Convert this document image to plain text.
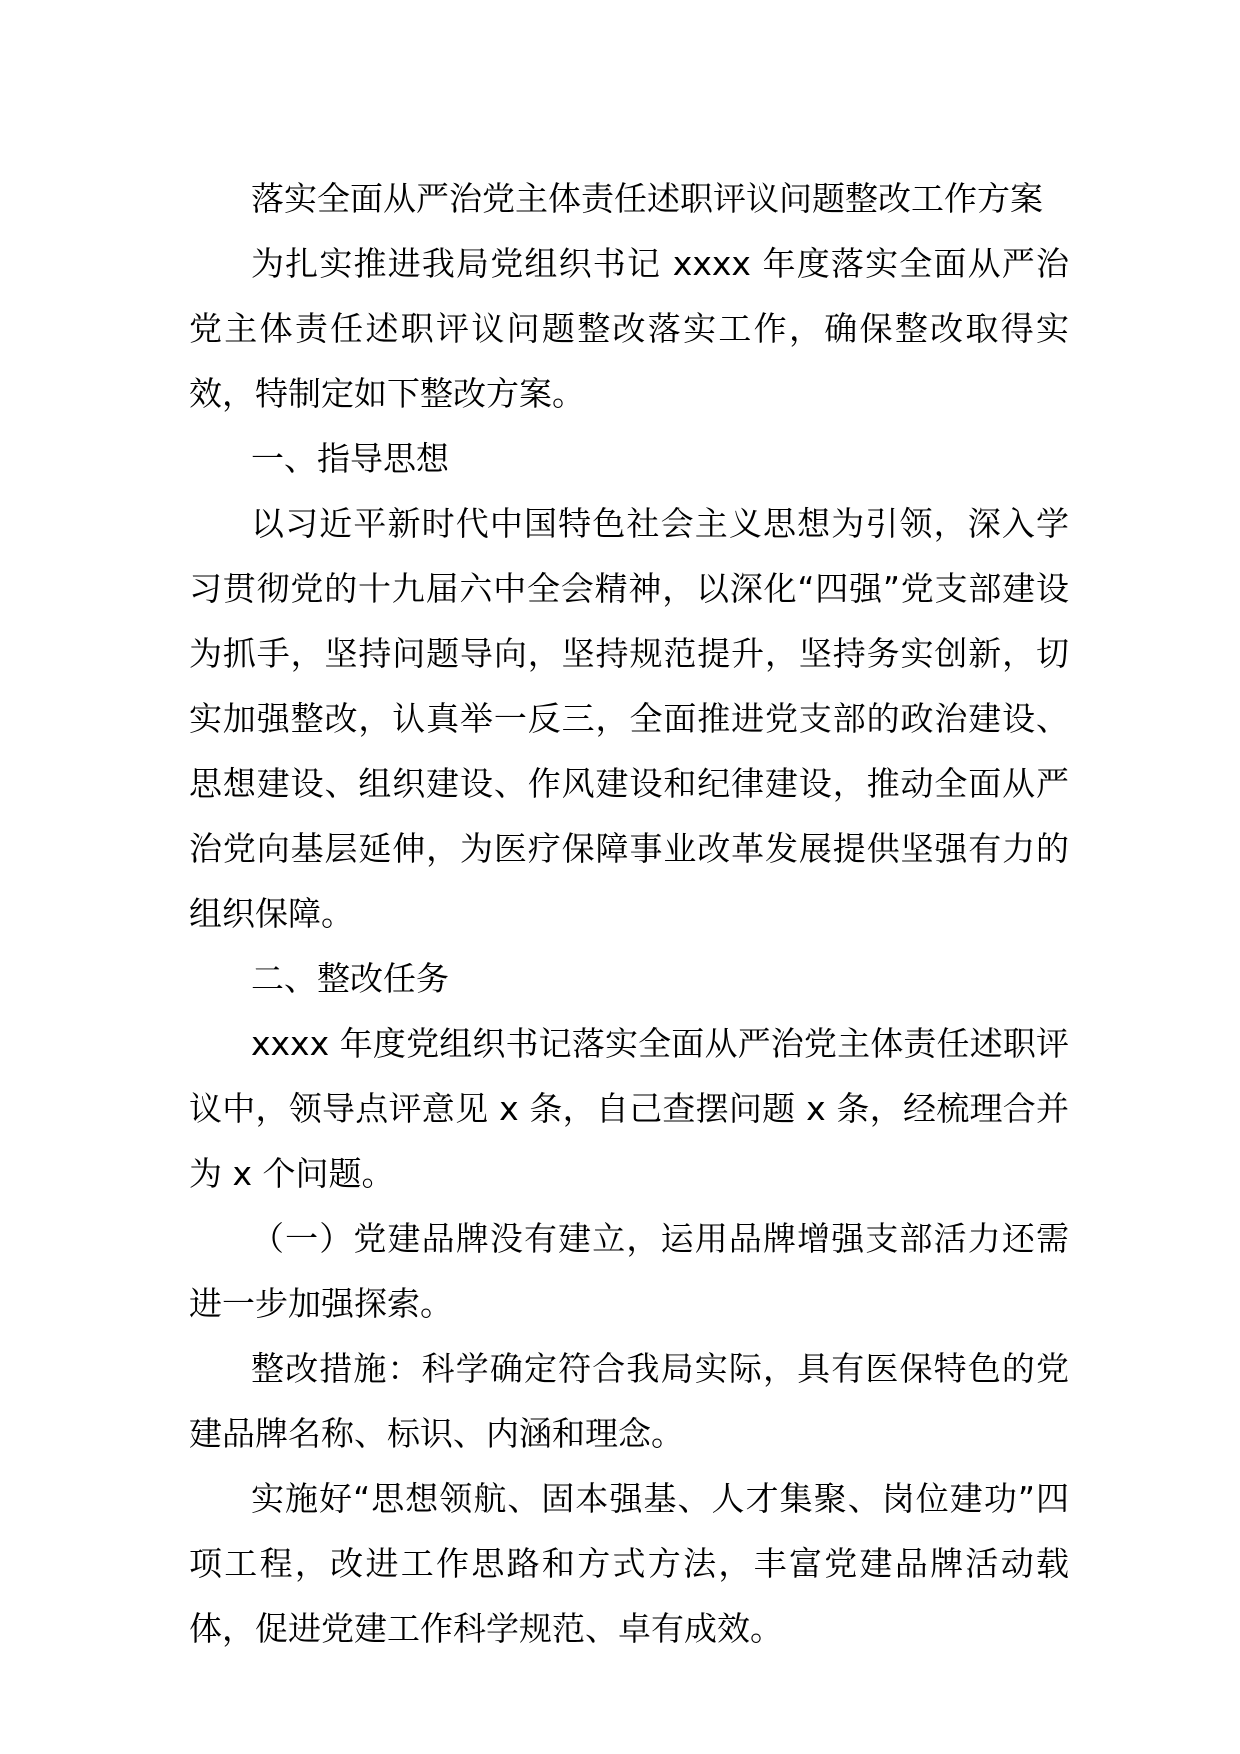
落实全面从严治党主体责任述职评议问题整改工作方案

为扎实推进我局党组织书记 xxxx 年度落实全面从严治党主体责任述职评议问题整改落实工作，确保整改取得实效，特制定如下整改方案。

一、指导思想

以习近平新时代中国特色社会主义思想为引领，深入学习贯彻党的十九届六中全会精神，以深化“四强”党支部建设为抓手，坚持问题导向，坚持规范提升，坚持务实创新，切实加强整改，认真举一反三，全面推进党支部的政治建设、思想建设、组织建设、作风建设和纪律建设，推动全面从严治党向基层延伸，为医疗保障事业改革发展提供坚强有力的组织保障。

二、整改任务

xxxx 年度党组织书记落实全面从严治党主体责任述职评议中，领导点评意见 x 条，自己查摆问题 x 条，经梳理合并为 x 个问题。

（一）党建品牌没有建立，运用品牌增强支部活力还需进一步加强探索。

整改措施：科学确定符合我局实际，具有医保特色的党建品牌名称、标识、内涵和理念。

实施好“思想领航、固本强基、人才集聚、岗位建功”四项工程，改进工作思路和方式方法，丰富党建品牌活动载体，促进党建工作科学规范、卓有成效。
